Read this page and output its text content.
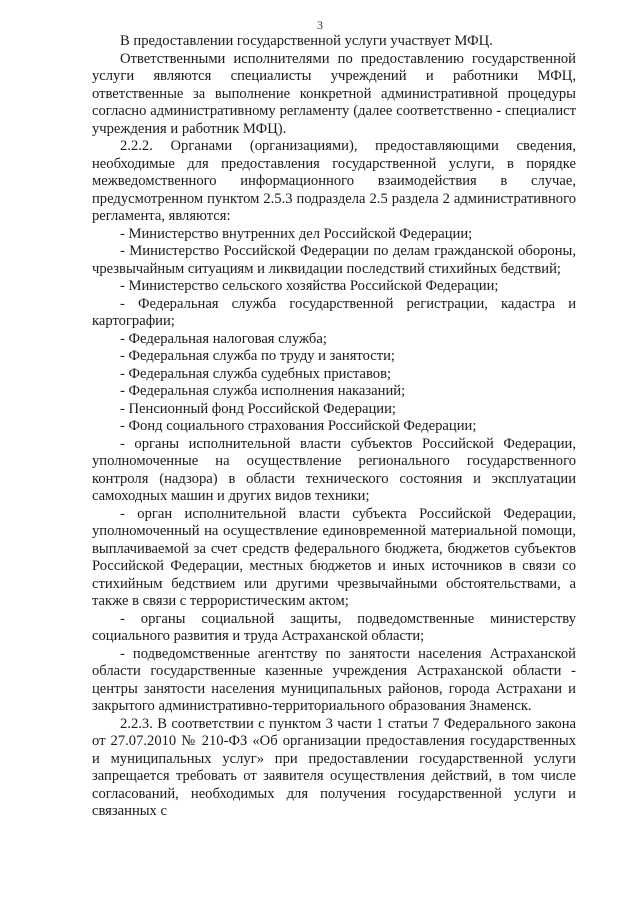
3

В предоставлении государственной услуги участвует МФЦ.

Ответственными исполнителями по предоставлению государственной услуги являются специалисты учреждений и работники МФЦ, ответственные за выполнение конкретной административной процедуры согласно административному регламенту (далее соответственно - специалист учреждения и работник МФЦ).

2.2.2. Органами (организациями), предоставляющими сведения, необходимые для предоставления государственной услуги, в порядке межведомственного информационного взаимодействия в случае, предусмотренном пунктом 2.5.3 подраздела 2.5 раздела 2 административного регламента, являются:

- Министерство внутренних дел Российской Федерации;

- Министерство Российской Федерации по делам гражданской обороны, чрезвычайным ситуациям и ликвидации последствий стихийных бедствий;

- Министерство сельского хозяйства Российской Федерации;

- Федеральная служба государственной регистрации, кадастра и картографии;

- Федеральная налоговая служба;

- Федеральная служба по труду и занятости;

- Федеральная служба судебных приставов;

- Федеральная служба исполнения наказаний;

- Пенсионный фонд Российской Федерации;

- Фонд социального страхования Российской Федерации;

- органы исполнительной власти субъектов Российской Федерации, уполномоченные на осуществление регионального государственного контроля (надзора) в области технического состояния и эксплуатации самоходных машин и других видов техники;

- орган исполнительной власти субъекта Российской Федерации, уполномоченный на осуществление единовременной материальной помощи, выплачиваемой за счет средств федерального бюджета, бюджетов субъектов Российской Федерации, местных бюджетов и иных источников в связи со стихийным бедствием или другими чрезвычайными обстоятельствами, а также в связи с террористическим актом;

- органы социальной защиты, подведомственные министерству социального развития и труда Астраханской области;

- подведомственные агентству по занятости населения Астраханской области государственные казенные учреждения Астраханской области - центры занятости населения муниципальных районов, города Астрахани и закрытого административно-территориального образования Знаменск.

2.2.3. В соответствии с пунктом 3 части 1 статьи 7 Федерального закона от 27.07.2010 № 210-ФЗ «Об организации предоставления государственных и муниципальных услуг» при предоставлении государственной услуги запрещается требовать от заявителя осуществления действий, в том числе согласований, необходимых для получения государственной услуги и связанных с
